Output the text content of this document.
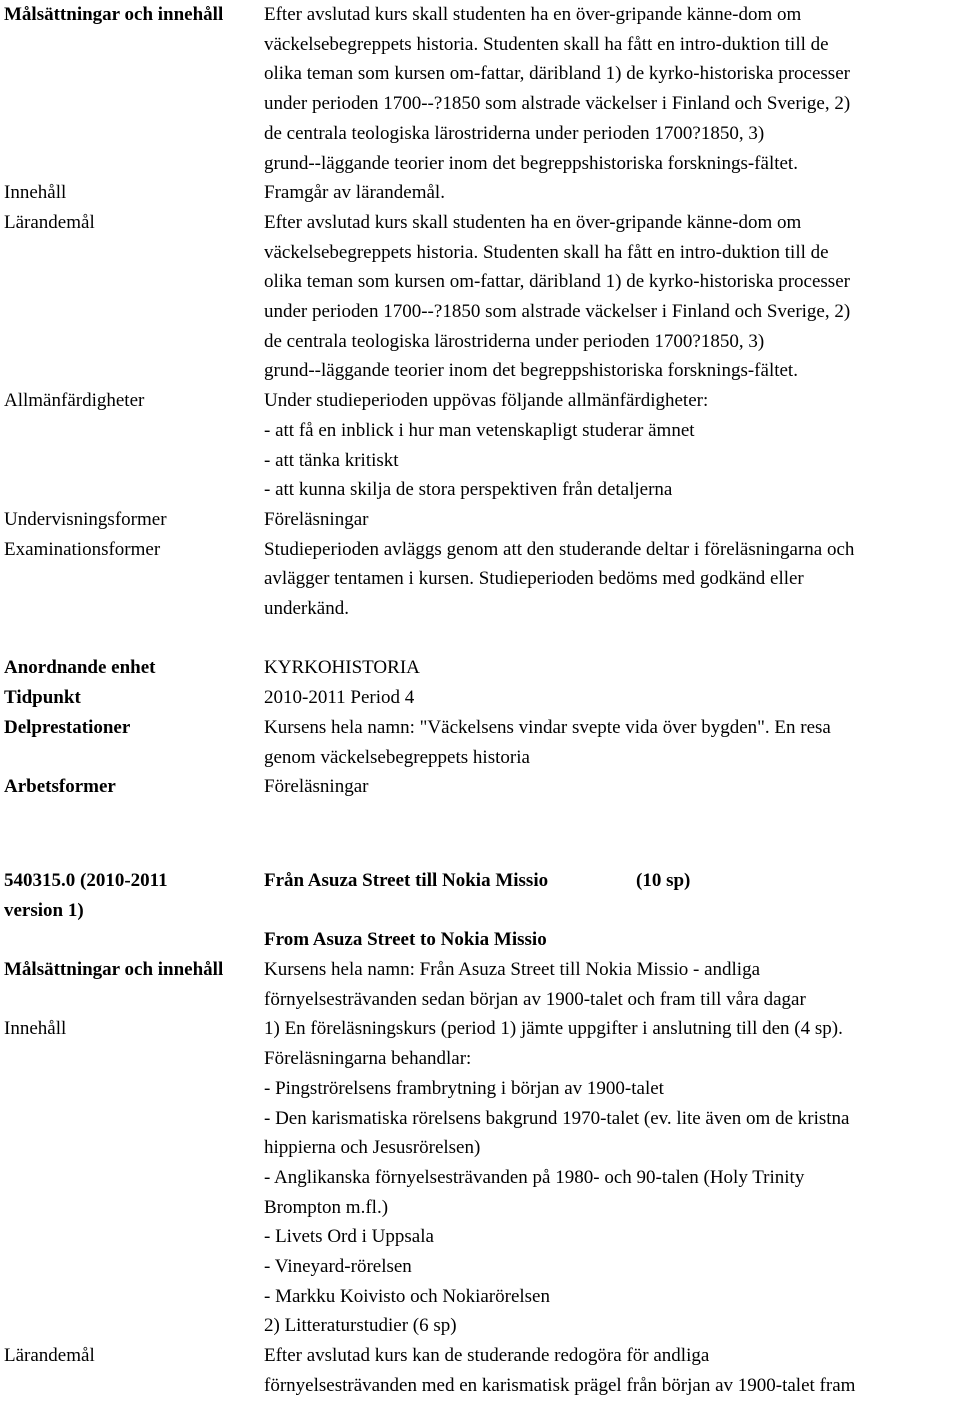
Målsättningar och innehåll	Efter avslutad kurs skall studenten ha en över-gripande känne-dom om
väckelsebegreppets historia. Studenten skall ha fått en intro-duktion till de
olika teman som kursen om-fattar, däribland 1) de kyrko-historiska processer
under perioden 1700--?1850 som alstrade väckelser i Finland och Sverige, 2)
de centrala teologiska lärostriderna under perioden 1700?1850, 3)
grund--läggande teorier inom det begreppshistoriska forsknings-fältet.
Innehåll	Framgår av lärandemål.
Lärandemål	Efter avslutad kurs skall studenten ha en över-gripande känne-dom om
väckelsebegreppets historia. Studenten skall ha fått en intro-duktion till de
olika teman som kursen om-fattar, däribland 1) de kyrko-historiska processer
under perioden 1700--?1850 som alstrade väckelser i Finland och Sverige, 2)
de centrala teologiska lärostriderna under perioden 1700?1850, 3)
grund--läggande teorier inom det begreppshistoriska forsknings-fältet.
Allmänfärdigheter	Under studieperioden uppövas följande allmänfärdigheter:
- att få en inblick i hur man vetenskapligt studerar ämnet
- att tänka kritiskt
- att kunna skilja de stora perspektiven från detaljerna
Undervisningsformer	Föreläsningar
Examinationsformer	Studieperioden avläggs genom att den studerande deltar i föreläsningarna och
avlägger tentamen i kursen. Studieperioden bedöms med godkänd eller
underkänd.
Anordnande enhet	KYRKOHISTORIA
Tidpunkt	2010-2011 Period 4
Delprestationer	Kursens hela namn: "Väckelsens vindar svepte vida över bygden". En resa
genom väckelsebegreppets historia
Arbetsformer	Föreläsningar
540315.0 (2010-2011
version 1)
Från Asuza Street till Nokia Missio	(10 sp)
From Asuza Street to Nokia Missio
Målsättningar och innehåll	Kursens hela namn: Från Asuza Street till Nokia Missio - andliga
förnyelsesträvanden sedan början av 1900-talet och fram till våra dagar
Innehåll	1) En föreläsningskurs (period 1) jämte uppgifter i anslutning till den (4 sp).
Föreläsningarna behandlar:
- Pingströrelsens frambrytning i början av 1900-talet
- Den karismatiska rörelsens bakgrund 1970-talet (ev. lite även om de kristna
hippierna och Jesusrörelsen)
- Anglikanska förnyelsesträvanden på 1980- och 90-talen (Holy Trinity
Brompton m.fl.)
- Livets Ord i Uppsala
- Vineyard-rörelsen
- Markku Koivisto och Nokiarörelsen
2) Litteraturstudier (6 sp)
Lärandemål	Efter avslutad kurs kan de studerande redogöra för andliga
förnyelsesträvanden med en karismatisk prägel från början av 1900-talet fram
